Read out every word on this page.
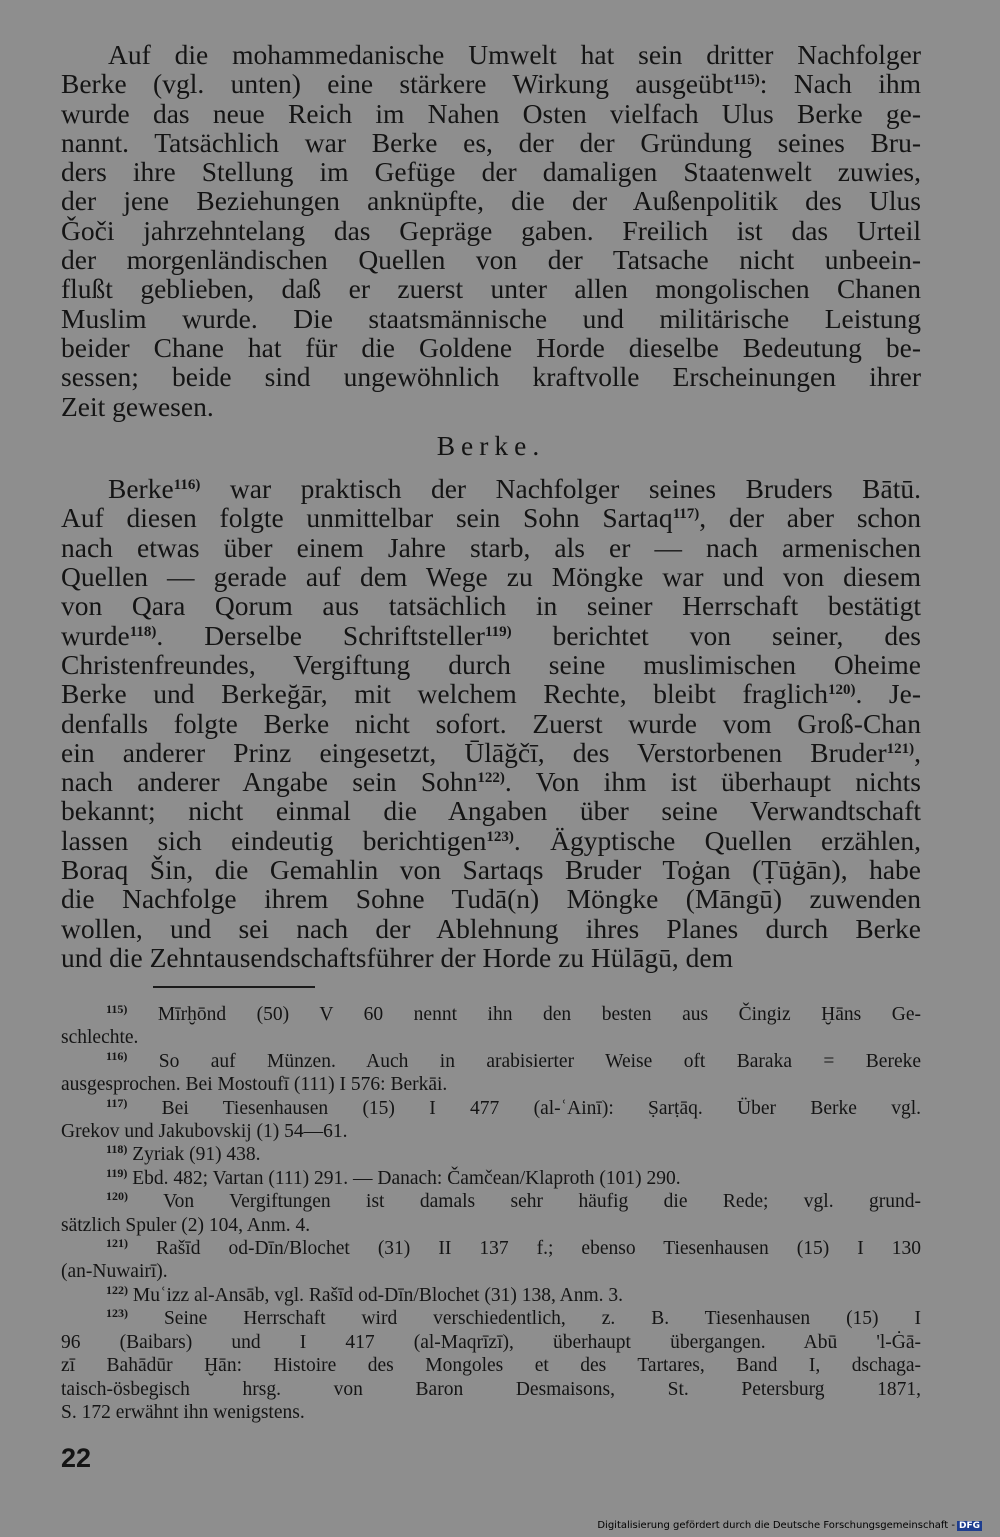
Auf die mohammedanische Umwelt hat sein dritter Nachfolger

Berke (vgl. unten) eine stärkere Wirkung ausgeübt$^{115)}$: Nach ihm

wurde das neue Reich im Nahen Osten vielfach Ulus Berke ge-

nannt. Tatsächlich war Berke es, der der Gründung seines Bru-

ders ihre Stellung im Gefüge der damaligen Staatenwelt zuwies,

der jene Beziehungen anknüpfte, die der Außenpolitik des Ulus

Ǧoči jahrzehntelang das Gepräge gaben. Freilich ist das Urteil

der morgenländischen Quellen von der Tatsache nicht unbeein-

flußt geblieben, daß er zuerst unter allen mongolischen Chanen

Muslim wurde. Die staatsmännische und militärische Leistung

beider Chane hat für die Goldene Horde dieselbe Bedeutung be-

sessen; beide sind ungewöhnlich kraftvolle Erscheinungen ihrer

Zeit gewesen.

Berke.

Berke$^{116)}$ war praktisch der Nachfolger seines Bruders Bātū.

Auf diesen folgte unmittelbar sein Sohn Sartaq$^{117)}$, der aber schon

nach etwas über einem Jahre starb, als er — nach armenischen

Quellen — gerade auf dem Wege zu Möngke war und von diesem

von Qara Qorum aus tatsächlich in seiner Herrschaft bestätigt

wurde$^{118)}$. Derselbe Schriftsteller$^{119)}$ berichtet von seiner, des

Christenfreundes, Vergiftung durch seine muslimischen Oheime

Berke und Berkeğār, mit welchem Rechte, bleibt fraglich$^{120)}$. Je-

denfalls folgte Berke nicht sofort. Zuerst wurde vom Groß-Chan

ein anderer Prinz eingesetzt, Ūlāğčī, des Verstorbenen Bruder$^{121)}$,

nach anderer Angabe sein Sohn$^{122)}$. Von ihm ist überhaupt nichts

bekannt; nicht einmal die Angaben über seine Verwandtschaft

lassen sich eindeutig berichtigen$^{123)}$. Ägyptische Quellen erzählen,

Boraq Šin, die Gemahlin von Sartaqs Bruder Toġan (Ṭūġān), habe

die Nachfolge ihrem Sohne Tudā(n) Möngke (Māngū) zuwenden

wollen, und sei nach der Ablehnung ihres Planes durch Berke

und die Zehntausendschaftsführer der Horde zu Hülāgū, dem

$^{115)}$ Mīrḫōnd (50) V 60 nennt ihn den besten aus Čingiz Ḫāns Ge-

schlechte.

$^{116)}$ So auf Münzen. Auch in arabisierter Weise oft Baraka = Bereke

ausgesprochen. Bei Mostoufī (111) I 576: Berkāi.

$^{117)}$ Bei Tiesenhausen (15) I 477 (al-ʿAinī): Ṣarṭāq. Über Berke vgl.

Grekov und Jakubovskij (1) 54—61.

$^{118)}$ Zyriak (91) 438.

$^{119)}$ Ebd. 482; Vartan (111) 291. — Danach: Čamčean/Klaproth (101) 290.

$^{120)}$ Von Vergiftungen ist damals sehr häufig die Rede; vgl. grund-

sätzlich Spuler (2) 104, Anm. 4.

$^{121)}$ Rašīd od-Dīn/Blochet (31) II 137 f.; ebenso Tiesenhausen (15) I 130

(an-Nuwairī).

$^{122)}$ Muʿizz al-Ansāb, vgl. Rašīd od-Dīn/Blochet (31) 138, Anm. 3.

$^{123)}$ Seine Herrschaft wird verschiedentlich, z. B. Tiesenhausen (15) I

96 (Baibars) und I 417 (al-Maqrīzī), überhaupt übergangen. Abū 'l-Ġā-

zī Bahādūr Ḫān: Histoire des Mongoles et des Tartares, Band I, dschaga-

taisch-ösbegisch hrsg. von Baron Desmaisons, St. Petersburg 1871,

S. 172 erwähnt ihn wenigstens.

22
Digitalisierung gefördert durch die Deutsche Forschungsgemeinschaft - DFG
